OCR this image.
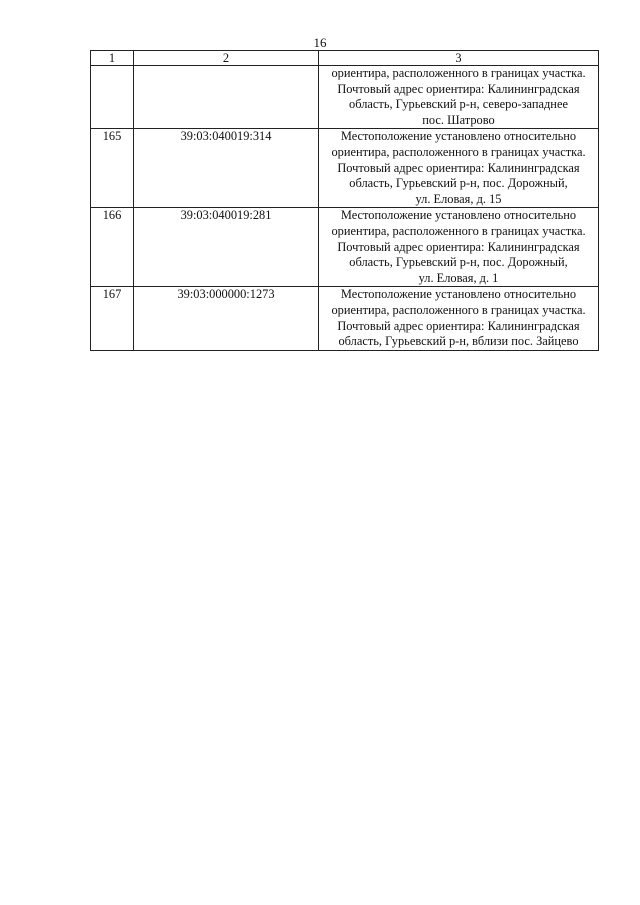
16
1	2	3

		ориентира, расположенного в границах участка.
Почтовый адрес ориентира: Калининградская
область, Гурьевский р-н, северо-западнее
пос. Шатрово

165	39:03:040019:314	Местоположение установлено относительно
ориентира, расположенного в границах участка.
Почтовый адрес ориентира: Калининградская
область, Гурьевский р-н, пос. Дорожный,
ул. Еловая, д. 15

166	39:03:040019:281	Местоположение установлено относительно
ориентира, расположенного в границах участка.
Почтовый адрес ориентира: Калининградская
область, Гурьевский р-н, пос. Дорожный,
ул. Еловая, д. 1

167	39:03:000000:1273	Местоположение установлено относительно
ориентира, расположенного в границах участка.
Почтовый адрес ориентира: Калининградская
область, Гурьевский р-н, вблизи пос. Зайцево
